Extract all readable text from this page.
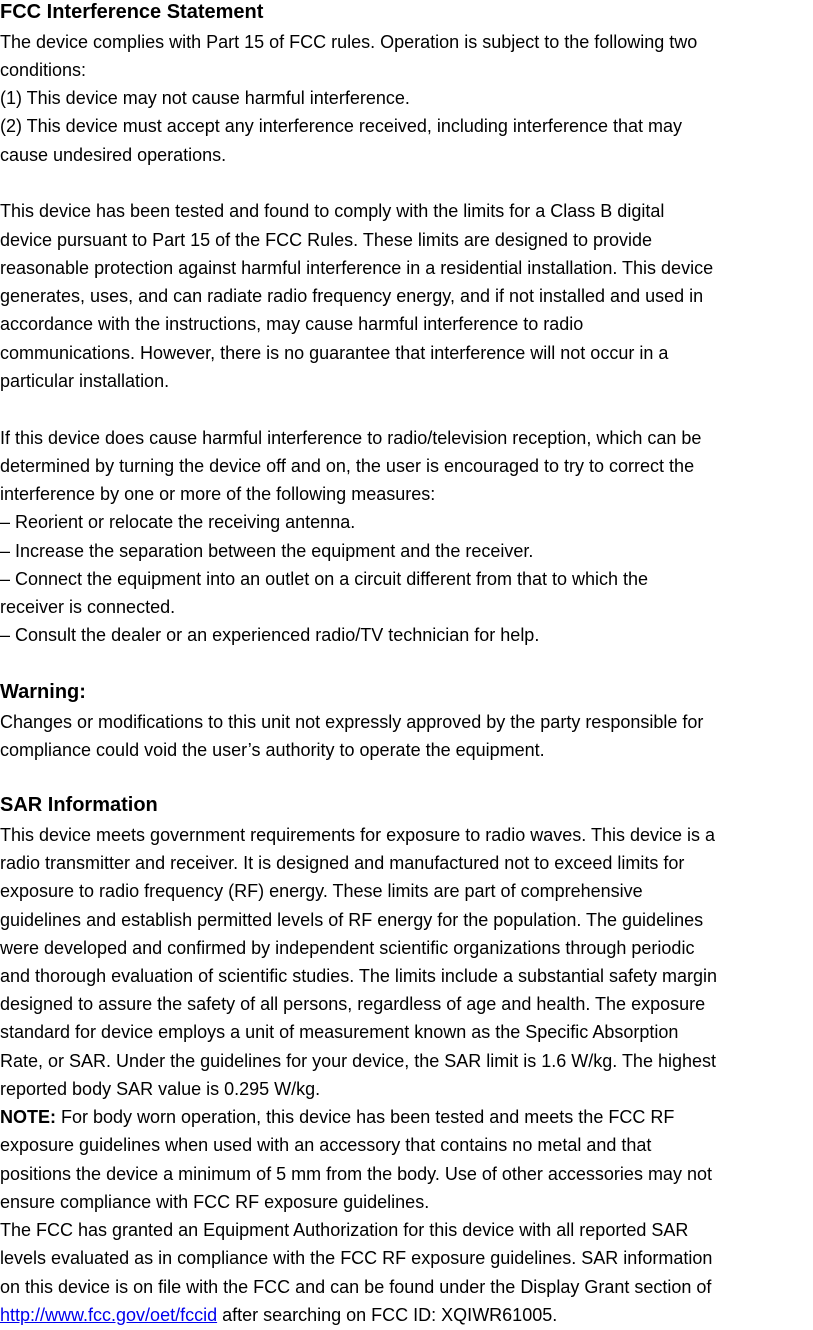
FCC Interference Statement
The device complies with Part 15 of FCC rules. Operation is subject to the following two
conditions:
(1) This device may not cause harmful interference.
(2) This device must accept any interference received, including interference that may
cause undesired operations.
This device has been tested and found to comply with the limits for a Class B digital
device pursuant to Part 15 of the FCC Rules. These limits are designed to provide
reasonable protection against harmful interference in a residential installation. This device
generates, uses, and can radiate radio frequency energy, and if not installed and used in
accordance with the instructions, may cause harmful interference to radio
communications. However, there is no guarantee that interference will not occur in a
particular installation.
If this device does cause harmful interference to radio/television reception, which can be
determined by turning the device off and on, the user is encouraged to try to correct the
interference by one or more of the following measures:
– Reorient or relocate the receiving antenna.
– Increase the separation between the equipment and the receiver.
– Connect the equipment into an outlet on a circuit different from that to which the
receiver is connected.
– Consult the dealer or an experienced radio/TV technician for help.
Warning:
Changes or modifications to this unit not expressly approved by the party responsible for
compliance could void the user’s authority to operate the equipment.
SAR Information
This device meets government requirements for exposure to radio waves. This device is a
radio transmitter and receiver. It is designed and manufactured not to exceed limits for
exposure to radio frequency (RF) energy. These limits are part of comprehensive
guidelines and establish permitted levels of RF energy for the population. The guidelines
were developed and confirmed by independent scientific organizations through periodic
and thorough evaluation of scientific studies. The limits include a substantial safety margin
designed to assure the safety of all persons, regardless of age and health. The exposure
standard for device employs a unit of measurement known as the Specific Absorption
Rate, or SAR. Under the guidelines for your device, the SAR limit is 1.6 W/kg. The highest
reported body SAR value is 0.295 W/kg.
NOTE: For body worn operation, this device has been tested and meets the FCC RF
exposure guidelines when used with an accessory that contains no metal and that
positions the device a minimum of 5 mm from the body. Use of other accessories may not
ensure compliance with FCC RF exposure guidelines.
The FCC has granted an Equipment Authorization for this device with all reported SAR
levels evaluated as in compliance with the FCC RF exposure guidelines. SAR information
on this device is on file with the FCC and can be found under the Display Grant section of
http://www.fcc.gov/oet/fccid after searching on FCC ID: XQIWR61005.
